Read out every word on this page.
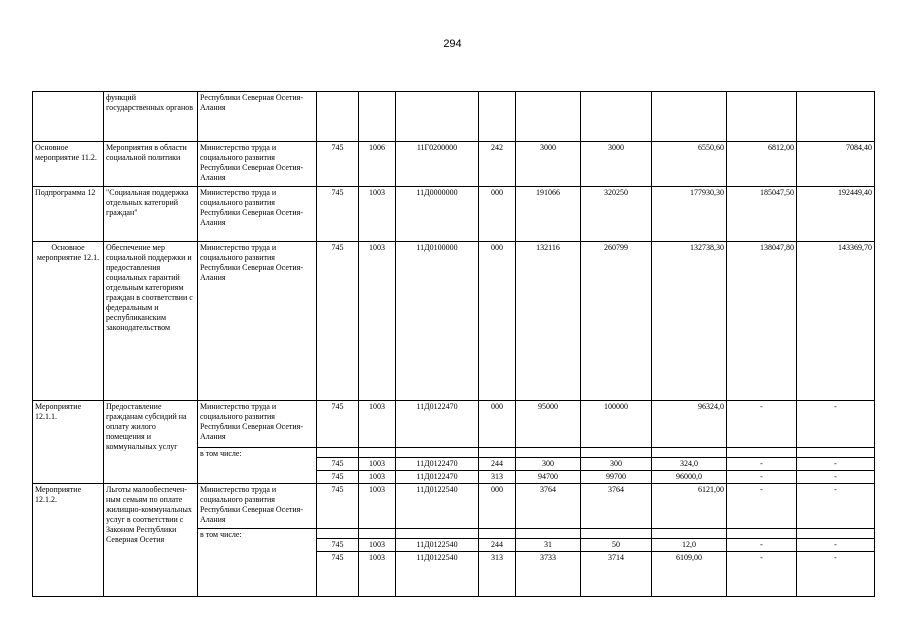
294
	функций государственных органов	Республики Северная Осетия-Алания									
Основное мероприятие 11.2.	Мероприятия в области социальной политики	Министерство труда и социального развития Республики Северная Осетия-Алания	745	1006	11Г0200000	242	3000	3000	6550,60	6812,00	7084,40
Подпрограмма 12	"Социальная поддержка отдельных категорий граждан"	Министерство труда и социального развития Республики Северная Осетия-Алания	745	1003	11Д0000000	000	191066	320250	177930,30	185047,50	192449,40
Основное мероприятие 12.1.	Обеспечение мер социальной поддержки и предоставления социальных гарантий отдельным категориям граждан в соответствии с федеральным и республиканским законодательством	Министерство труда и социального развития Республики Северная Осетия-Алания	745	1003	11Д0100000	000	132116	260799	132738,30	138047,80	143369,70
Мероприятие 12.1.1.	Предоставление гражданам субсидий на оплату жилого помещения и коммунальных услуг	Министерство труда и социального развития Республики Северная Осетия-Алания	745	1003	11Д0122470	000	95000	100000	96324,0	-	-
		в том числе:									
			745	1003	11Д0122470	244	300	300	324,0	-	-
			745	1003	11Д0122470	313	94700	99700	96000,0	-	-
Мероприятие 12.1.2.	Льготы малообеспечен-ным семьям по оплате жилищно-коммунальных услуг в соответствии с Законом Республики Северная Осетия	Министерство труда и социального развития Республики Северная Осетия-Алания	745	1003	11Д0122540	000	3764	3764	6121,00	-	-
		в том числе:									
			745	1003	11Д0122540	244	31	50	12,0	-	-
			745	1003	11Д0122540	313	3733	3714	6109,00	-	-
